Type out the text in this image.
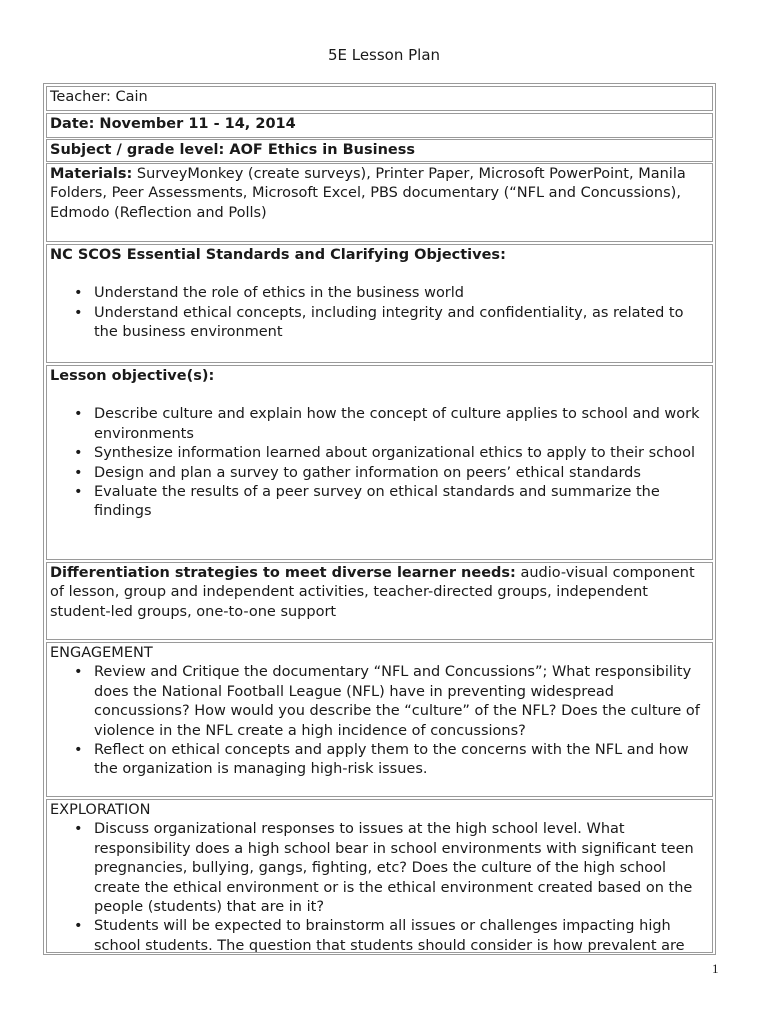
5E Lesson Plan
Teacher: Cain
Date: November 11 - 14, 2014
Subject / grade level: AOF Ethics in Business
Materials: SurveyMonkey (create surveys), Printer Paper, Microsoft PowerPoint, Manila Folders, Peer Assessments, Microsoft Excel, PBS documentary (“NFL and Concussions), Edmodo (Reflection and Polls)
NC SCOS Essential Standards and Clarifying Objectives:
• Understand the role of ethics in the business world
• Understand ethical concepts, including integrity and confidentiality, as related to the business environment
Lesson objective(s):
• Describe culture and explain how the concept of culture applies to school and work environments
• Synthesize information learned about organizational ethics to apply to their school
• Design and plan a survey to gather information on peers’ ethical standards
• Evaluate the results of a peer survey on ethical standards and summarize the findings
Differentiation strategies to meet diverse learner needs: audio-visual component of lesson, group and independent activities, teacher-directed groups, independent student-led groups, one-to-one support
ENGAGEMENT
• Review and Critique the documentary “NFL and Concussions”; What responsibility does the National Football League (NFL) have in preventing widespread concussions? How would you describe the “culture” of the NFL? Does the culture of violence in the NFL create a high incidence of concussions?
• Reflect on ethical concepts and apply them to the concerns with the NFL and how the organization is managing high-risk issues.
EXPLORATION
• Discuss organizational responses to issues at the high school level. What responsibility does a high school bear in school environments with significant teen pregnancies, bullying, gangs, fighting, etc? Does the culture of the high school create the ethical environment or is the ethical environment created based on the people (students) that are in it?
• Students will be expected to brainstorm all issues or challenges impacting high school students. The question that students should consider is how prevalent are
1
